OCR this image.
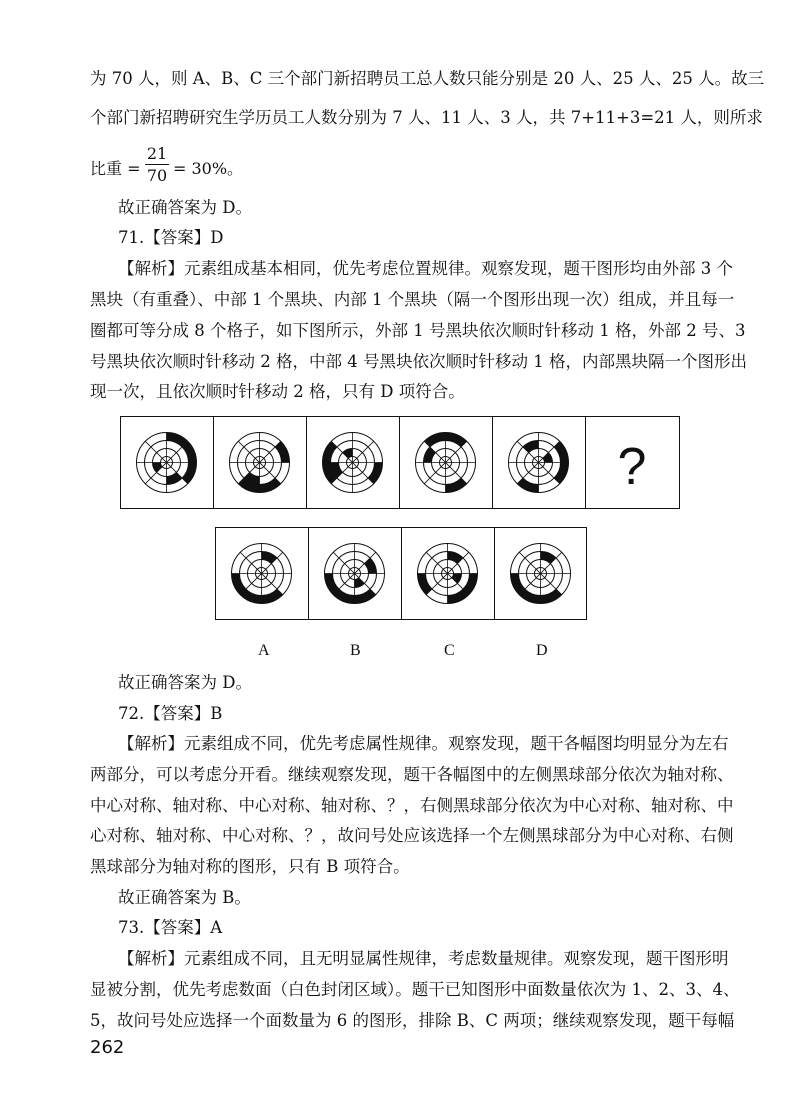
为 70 人，则 A、B、C 三个部门新招聘员工总人数只能分别是 20 人、25 人、25 人。故三
个部门新招聘研究生学历员工人数分别为 7 人、11 人、3 人，共 7+11+3=21 人，则所求
比重 =
21
70 = 30%。
故正确答案为 D。
71.【答案】D
【解析】元素组成基本相同，优先考虑位置规律。观察发现，题干图形均由外部 3 个
黑块（有重叠）、中部 1 个黑块、内部 1 个黑块（隔一个图形出现一次）组成，并且每一
圈都可等分成 8 个格子，如下图所示，外部 1 号黑块依次顺时针移动 1 格，外部 2 号、3
号黑块依次顺时针移动 2 格，中部 4 号黑块依次顺时针移动 1 格，内部黑块隔一个图形出
现一次，且依次顺时针移动 2 格，只有 D 项符合。
?
A	B	C	D
故正确答案为 D。
72.【答案】B
【解析】元素组成不同，优先考虑属性规律。观察发现，题干各幅图均明显分为左右
两部分，可以考虑分开看。继续观察发现，题干各幅图中的左侧黑球部分依次为轴对称、
中心对称、轴对称、中心对称、轴对称、？，右侧黑球部分依次为中心对称、轴对称、中
心对称、轴对称、中心对称、？，故问号处应该选择一个左侧黑球部分为中心对称、右侧
黑球部分为轴对称的图形，只有 B 项符合。
故正确答案为 B。
73.【答案】A
【解析】元素组成不同，且无明显属性规律，考虑数量规律。观察发现，题干图形明
显被分割，优先考虑数面（白色封闭区域）。题干已知图形中面数量依次为 1、2、3、4、
5，故问号处应选择一个面数量为 6 的图形，排除 B、C 两项；继续观察发现，题干每幅
262
